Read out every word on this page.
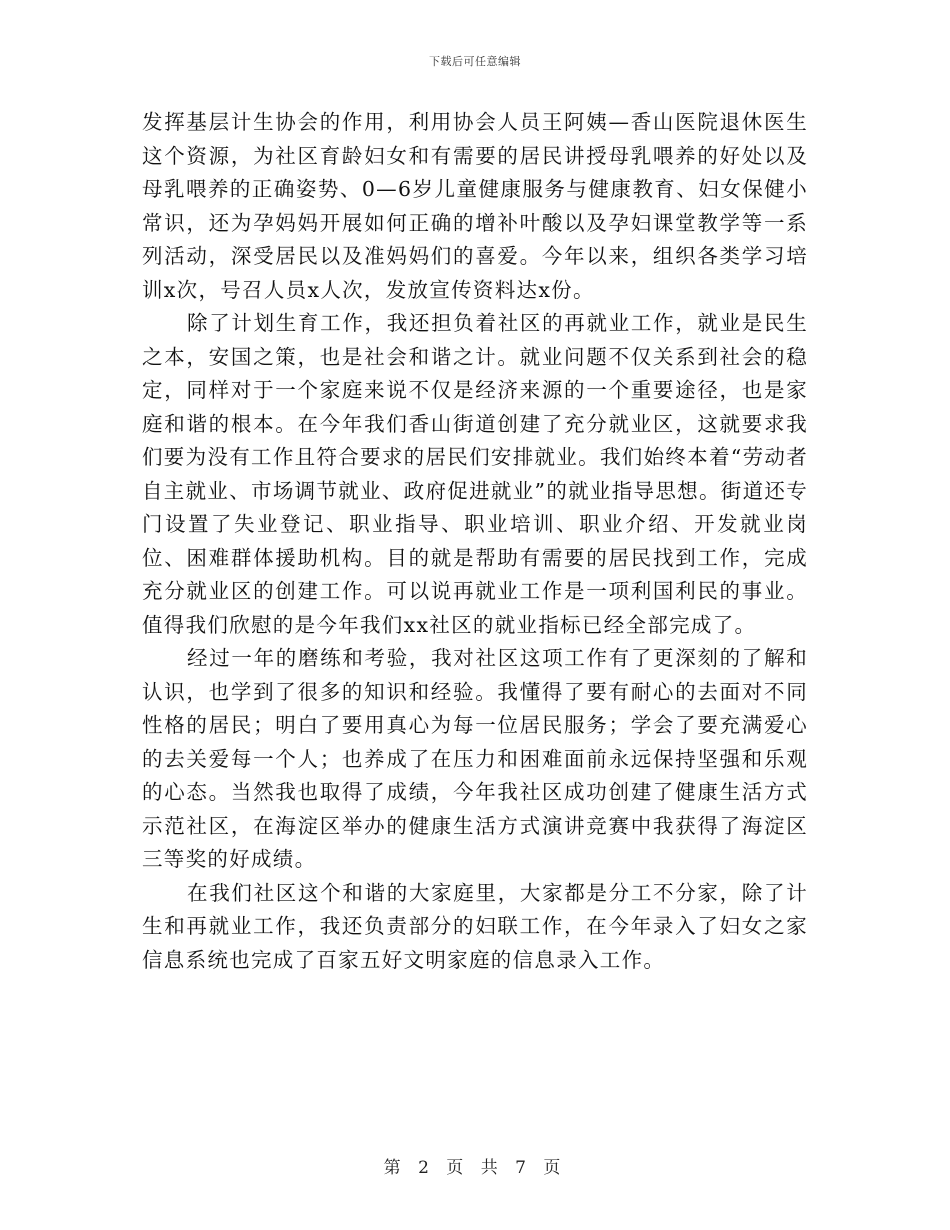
下载后可任意编辑

发挥基层计生协会的作用，利用协会人员王阿姨—香山医院退休医生这个资源，为社区育龄妇女和有需要的居民讲授母乳喂养的好处以及母乳喂养的正确姿势、0—6岁儿童健康服务与健康教育、妇女保健小常识，还为孕妈妈开展如何正确的增补叶酸以及孕妇课堂教学等一系列活动，深受居民以及准妈妈们的喜爱。今年以来，组织各类学习培训x次，号召人员x人次，发放宣传资料达x份。

除了计划生育工作，我还担负着社区的再就业工作，就业是民生之本，安国之策，也是社会和谐之计。就业问题不仅关系到社会的稳定，同样对于一个家庭来说不仅是经济来源的一个重要途径，也是家庭和谐的根本。在今年我们香山街道创建了充分就业区，这就要求我们要为没有工作且符合要求的居民们安排就业。我们始终本着“劳动者自主就业、市场调节就业、政府促进就业”的就业指导思想。街道还专门设置了失业登记、职业指导、职业培训、职业介绍、开发就业岗位、困难群体援助机构。目的就是帮助有需要的居民找到工作，完成充分就业区的创建工作。可以说再就业工作是一项利国利民的事业。值得我们欣慰的是今年我们xx社区的就业指标已经全部完成了。

经过一年的磨练和考验，我对社区这项工作有了更深刻的了解和认识，也学到了很多的知识和经验。我懂得了要有耐心的去面对不同性格的居民；明白了要用真心为每一位居民服务；学会了要充满爱心的去关爱每一个人；也养成了在压力和困难面前永远保持坚强和乐观的心态。当然我也取得了成绩，今年我社区成功创建了健康生活方式示范社区，在海淀区举办的健康生活方式演讲竞赛中我获得了海淀区三等奖的好成绩。

在我们社区这个和谐的大家庭里，大家都是分工不分家，除了计生和再就业工作，我还负责部分的妇联工作，在今年录入了妇女之家信息系统也完成了百家五好文明家庭的信息录入工作。

第 2 页 共 7 页
